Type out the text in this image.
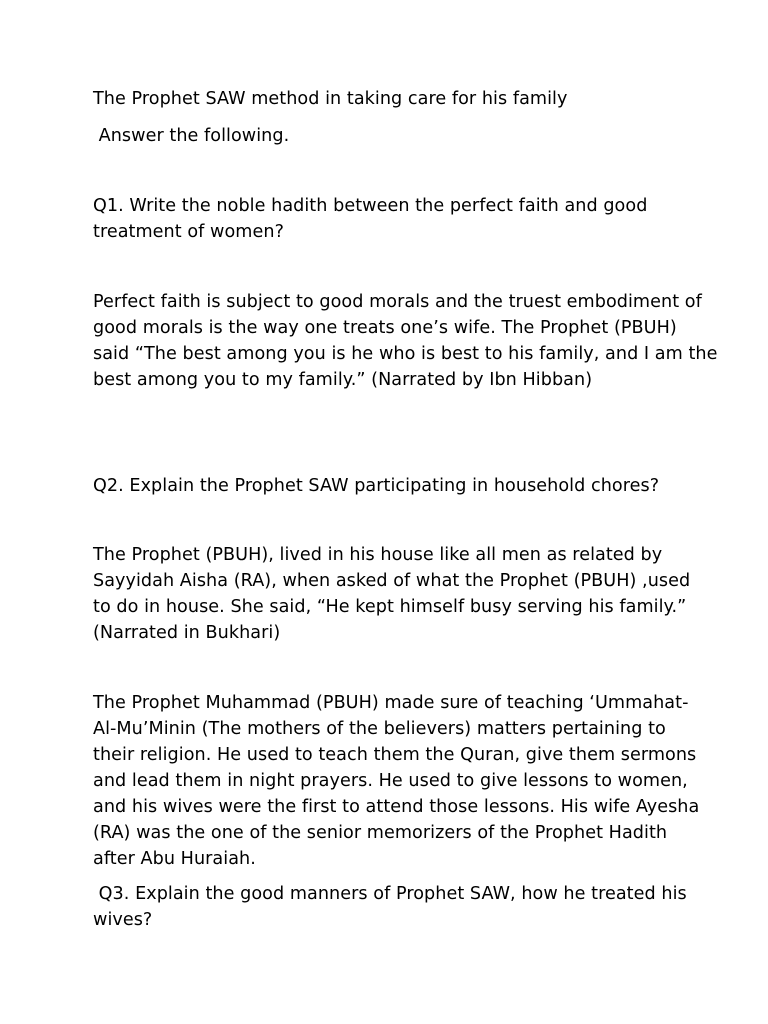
The Prophet SAW method in taking care for his family

Answer the following.

Q1. Write the noble hadith between the perfect faith and good

treatment of women?

Perfect faith is subject to good morals and the truest embodiment of

good morals is the way one treats one’s wife. The Prophet (PBUH)

said “The best among you is he who is best to his family, and I am the

best among you to my family.” (Narrated by Ibn Hibban)

Q2. Explain the Prophet SAW participating in household chores?

The Prophet (PBUH), lived in his house like all men as related by

Sayyidah Aisha (RA), when asked of what the Prophet (PBUH) ,used

to do in house. She said, “He kept himself busy serving his family.”

(Narrated in Bukhari)

The Prophet Muhammad (PBUH) made sure of teaching ‘Ummahat-

Al-Mu’Minin (The mothers of the believers) matters pertaining to

their religion. He used to teach them the Quran, give them sermons

and lead them in night prayers. He used to give lessons to women,

and his wives were the first to attend those lessons. His wife Ayesha

(RA) was the one of the senior memorizers of the Prophet Hadith

after Abu Huraiah.

Q3. Explain the good manners of Prophet SAW, how he treated his

wives?
